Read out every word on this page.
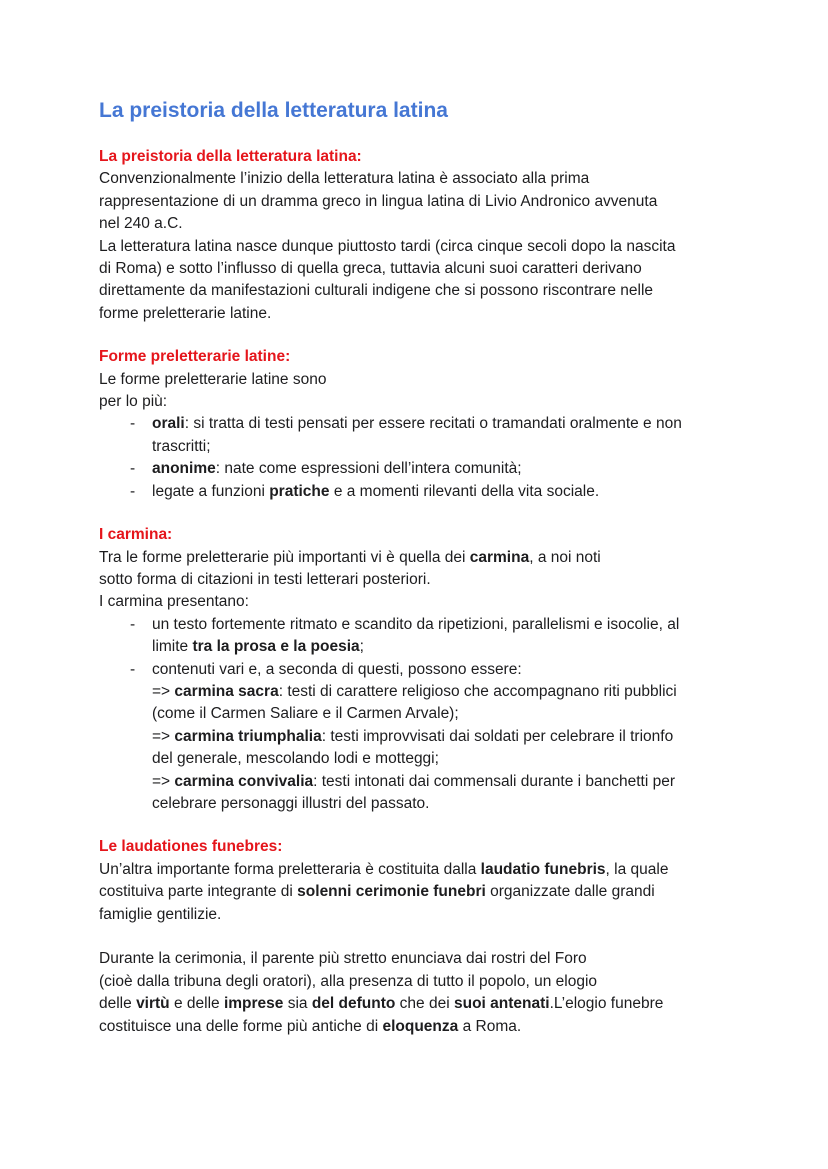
La preistoria della letteratura latina
La preistoria della letteratura latina:
Convenzionalmente l’inizio della letteratura latina è associato alla prima
rappresentazione di un dramma greco in lingua latina di Livio Andronico avvenuta
nel 240 a.C.
La letteratura latina nasce dunque piuttosto tardi (circa cinque secoli dopo la nascita
di Roma) e sotto l’influsso di quella greca, tuttavia alcuni suoi caratteri derivano
direttamente da manifestazioni culturali indigene che si possono riscontrare nelle
forme preletterarie latine.
Forme preletterarie latine:
Le forme preletterarie latine sono
per lo più:
- orali: si tratta di testi pensati per essere recitati o tramandati oralmente e non
trascritti;
- anonime: nate come espressioni dell’intera comunità;
- legate a funzioni pratiche e a momenti rilevanti della vita sociale.
I carmina:
Tra le forme preletterarie più importanti vi è quella dei carmina, a noi noti
sotto forma di citazioni in testi letterari posteriori.
I carmina presentano:
- un testo fortemente ritmato e scandito da ripetizioni, parallelismi e isocolie, al
limite tra la prosa e la poesia;
- contenuti vari e, a seconda di questi, possono essere:
=> carmina sacra: testi di carattere religioso che accompagnano riti pubblici
(come il Carmen Saliare e il Carmen Arvale);
=> carmina triumphalia: testi improvvisati dai soldati per celebrare il trionfo
del generale, mescolando lodi e motteggi;
=> carmina convivalia: testi intonati dai commensali durante i banchetti per
celebrare personaggi illustri del passato.
Le laudationes funebres:
Un’altra importante forma preletteraria è costituita dalla laudatio funebris, la quale
costituiva parte integrante di solenni cerimonie funebri organizzate dalle grandi
famiglie gentilizie.
Durante la cerimonia, il parente più stretto enunciava dai rostri del Foro
(cioè dalla tribuna degli oratori), alla presenza di tutto il popolo, un elogio
delle virtù e delle imprese sia del defunto che dei suoi antenati.L’elogio funebre
costituisce una delle forme più antiche di eloquenza a Roma.
